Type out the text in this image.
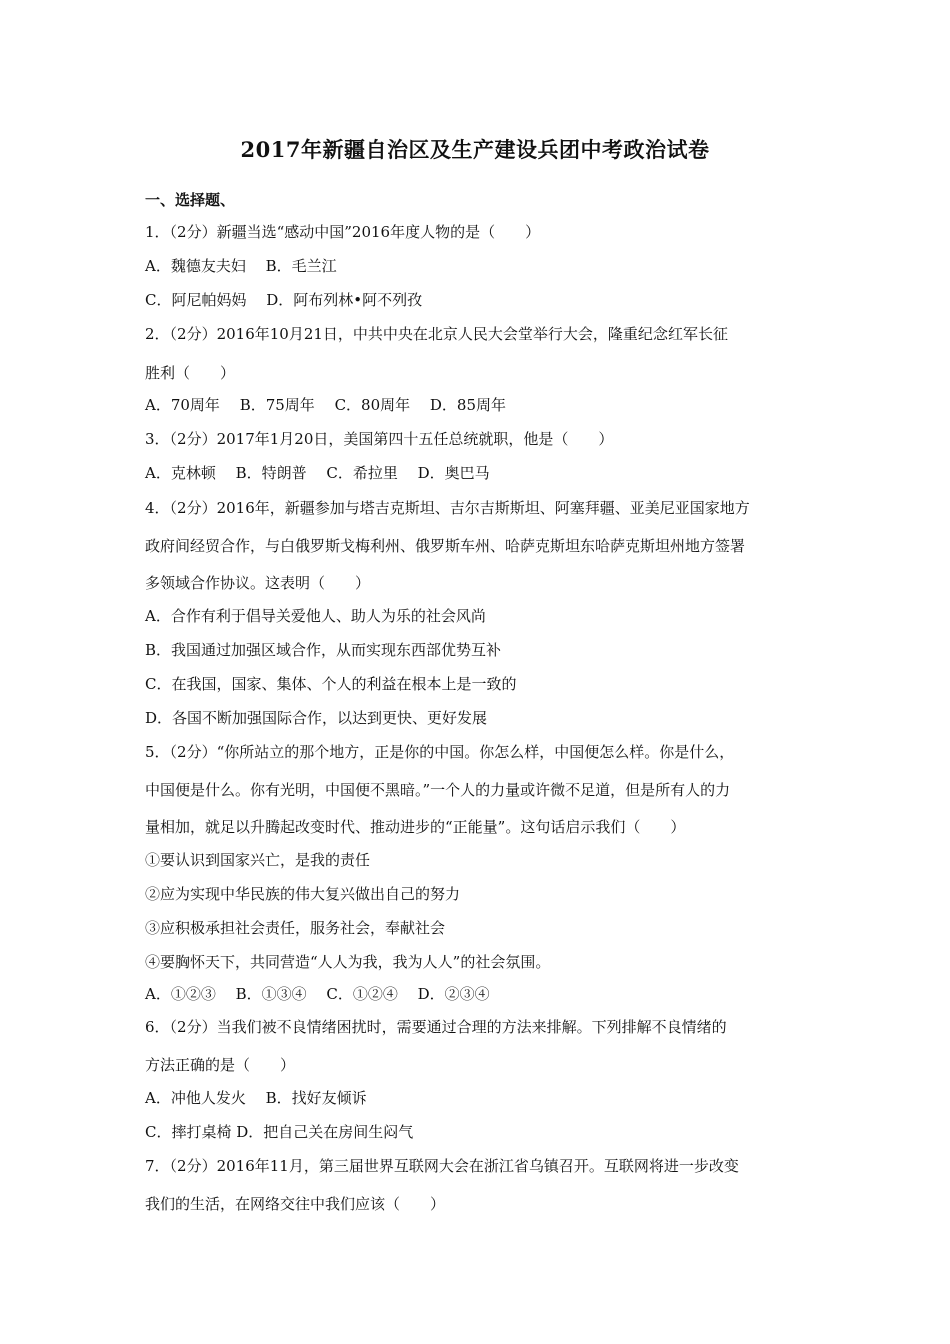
2017年新疆自治区及生产建设兵团中考政治试卷
一、选择题、
1．（2分）新疆当选“感动中国”2016年度人物的是（　　）
A．魏德友夫妇　 B．毛兰江
C．阿尼帕妈妈　 D．阿布列林•阿不列孜
2．（2分）2016年10月21日，中共中央在北京人民大会堂举行大会，隆重纪念红军长征
胜利（　　）
A．70周年　 B．75周年　 C．80周年　 D．85周年
3．（2分）2017年1月20日，美国第四十五任总统就职，他是（　　）
A．克林顿　 B．特朗普　 C．希拉里　 D．奥巴马
4．（2分）2016年，新疆参加与塔吉克斯坦、吉尔吉斯斯坦、阿塞拜疆、亚美尼亚国家地方
政府间经贸合作，与白俄罗斯戈梅利州、俄罗斯车州、哈萨克斯坦东哈萨克斯坦州地方签署
多领域合作协议。这表明（　　）
A．合作有利于倡导关爱他人、助人为乐的社会风尚
B．我国通过加强区域合作，从而实现东西部优势互补
C．在我国，国家、集体、个人的利益在根本上是一致的
D．各国不断加强国际合作，以达到更快、更好发展
5．（2分）“你所站立的那个地方，正是你的中国。你怎么样，中国便怎么样。你是什么，
中国便是什么。你有光明，中国便不黑暗。”一个人的力量或许微不足道，但是所有人的力
量相加，就足以升腾起改变时代、推动进步的“正能量”。这句话启示我们（　　）
①要认识到国家兴亡，是我的责任
②应为实现中华民族的伟大复兴做出自己的努力
③应积极承担社会责任，服务社会，奉献社会
④要胸怀天下，共同营造“人人为我，我为人人”的社会氛围。
A．①②③　 B．①③④　 C．①②④　 D．②③④
6．（2分）当我们被不良情绪困扰时，需要通过合理的方法来排解。下列排解不良情绪的
方法正确的是（　　）
A．冲他人发火　 B．找好友倾诉
C．摔打桌椅 D．把自己关在房间生闷气
7．（2分）2016年11月，第三届世界互联网大会在浙江省乌镇召开。互联网将进一步改变
我们的生活，在网络交往中我们应该（　　）
